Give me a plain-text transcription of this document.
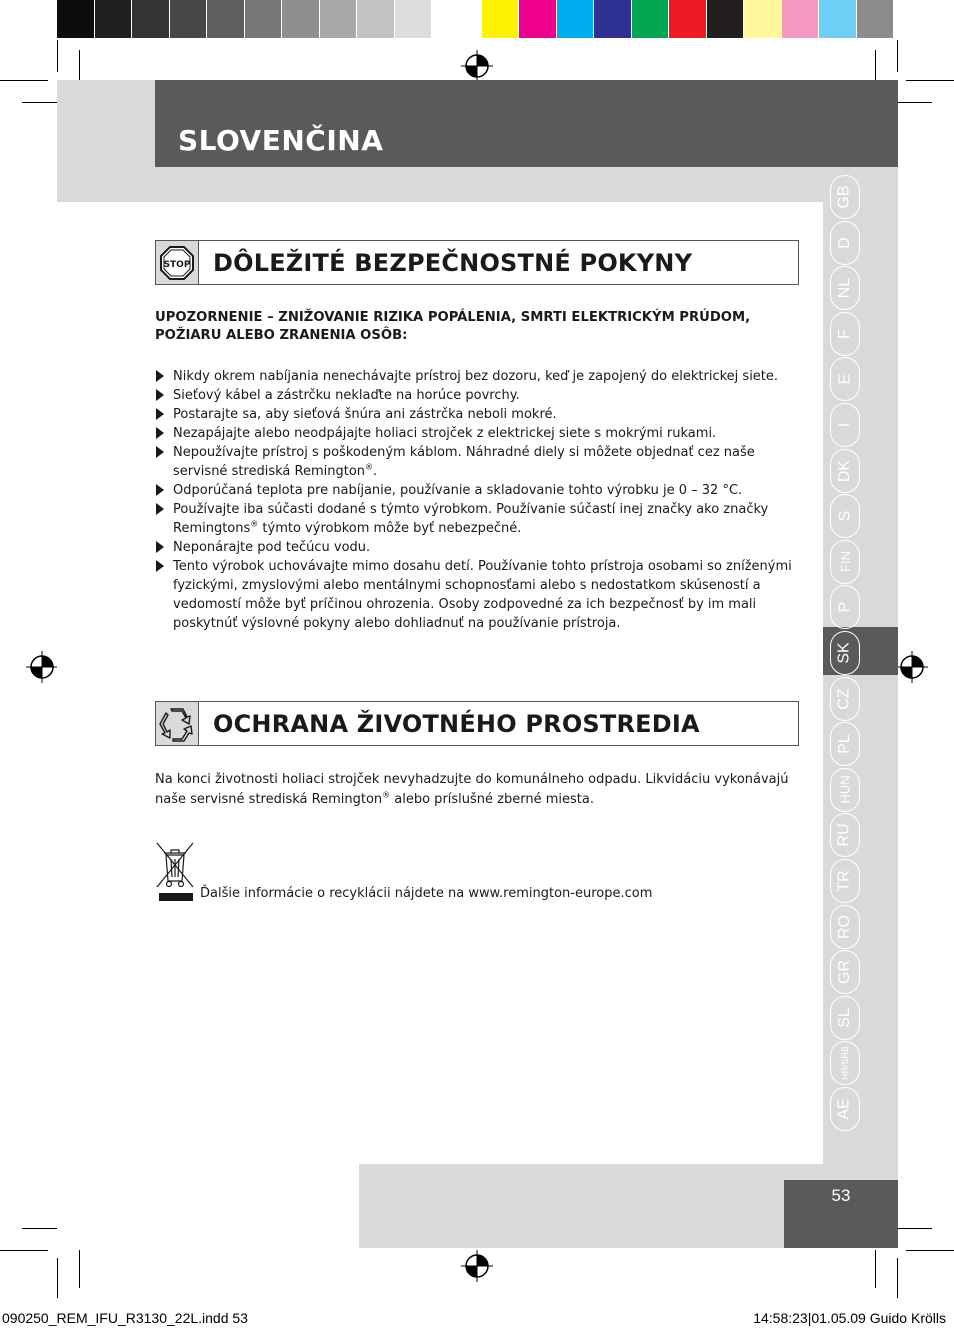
SLOVENČINA
GB
D
NL
F
E
I
DK
S
FIN
P
SK
CZ
PL
HUN
RU
TR
RO
GR
SL
HR/SRB
AE
STOP DÔLEŽITÉ BEZPEČNOSTNÉ POKYNY
UPOZORNENIE – ZNIŽOVANIE RIZIKA POPÁLENIA, SMRTI ELEKTRICKÝM PRÚDOM, POŽIARU ALEBO ZRANENIA OSÔB:
Nikdy okrem nabíjania nenechávajte prístroj bez dozoru, keď je zapojený do elektrickej siete.
Sieťový kábel a zástrčku neklaďte na horúce povrchy.
Postarajte sa, aby sieťová šnúra ani zástrčka neboli mokré.
Nezapájajte alebo neodpájajte holiaci strojček z elektrickej siete s mokrými rukami.
Nepoužívajte prístroj s poškodeným káblom. Náhradné diely si môžete objednať cez naše servisné strediská Remington®.
Odporúčaná teplota pre nabíjanie, používanie a skladovanie tohto výrobku je 0 – 32 °C.
Používajte iba súčasti dodané s týmto výrobkom. Používanie súčastí inej značky ako značky Remingtons® týmto výrobkom môže byť nebezpečné.
Neponárajte pod tečúcu vodu.
Tento výrobok uchovávajte mimo dosahu detí. Používanie tohto prístroja osobami so zníženými fyzickými, zmyslovými alebo mentálnymi schopnosťami alebo s nedostatkom skúseností a vedomostí môže byť príčinou ohrozenia. Osoby zodpovedné za ich bezpečnosť by im mali poskytnúť výslovné pokyny alebo dohliadnuť na používanie prístroja.
OCHRANA ŽIVOTNÉHO PROSTREDIA
Na konci životnosti holiaci strojček nevyhadzujte do komunálneho odpadu. Likvidáciu vykonávajú naše servisné strediská Remington® alebo príslušné zberné miesta.
Ďalšie informácie o recyklácii nájdete na www.remington-europe.com
53
090250_REM_IFU_R3130_22L.indd 53	14:58:23|01.05.09 Guido Krölls
